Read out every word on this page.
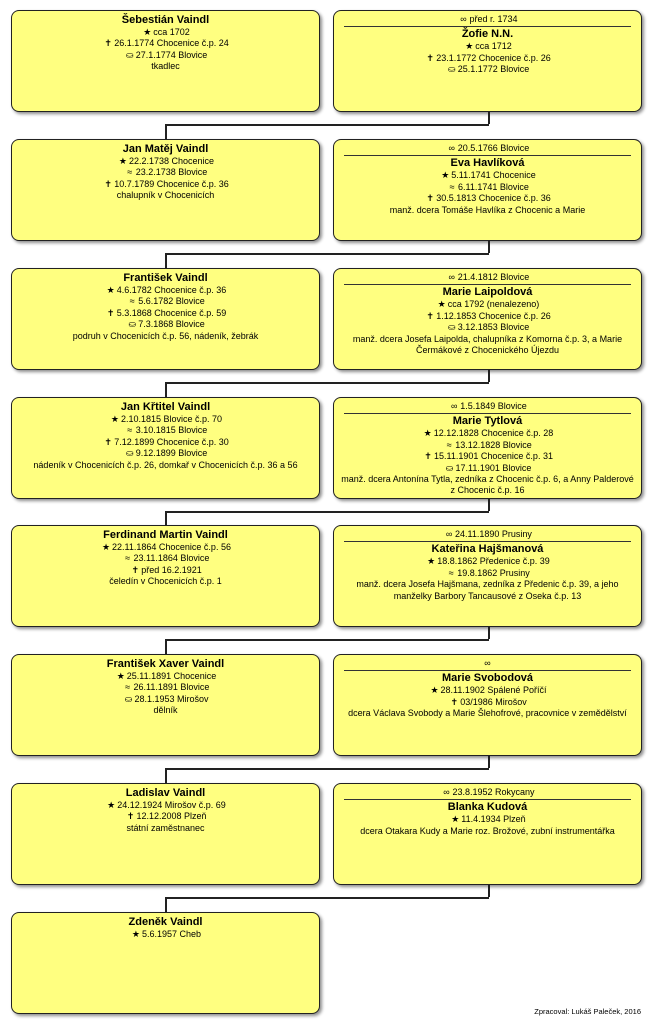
Šebestián Vaindl
★ cca 1702
✝ 26.1.1774 Chocenice č.p. 24
⛀ 27.1.1774 Blovice
tkadlec
∞ před r. 1734
Žofie N.N.
★ cca 1712
✝ 23.1.1772 Chocenice č.p. 26
⛀ 25.1.1772 Blovice
Jan Matěj Vaindl
★ 22.2.1738 Chocenice
≈ 23.2.1738 Blovice
✝ 10.7.1789 Chocenice č.p. 36
chalupník v Chocenicích
∞ 20.5.1766 Blovice
Eva Havlíková
★ 5.11.1741 Chocenice
≈ 6.11.1741 Blovice
✝ 30.5.1813 Chocenice č.p. 36
manž. dcera Tomáše Havlíka z Chocenic a Marie
František Vaindl
★ 4.6.1782 Chocenice č.p. 36
≈ 5.6.1782 Blovice
✝ 5.3.1868 Chocenice č.p. 59
⛀ 7.3.1868 Blovice
podruh v Chocenicích č.p. 56, nádeník, žebrák
∞ 21.4.1812 Blovice
Marie Laipoldová
★ cca 1792 (nenalezeno)
✝ 1.12.1853 Chocenice č.p. 26
⛀ 3.12.1853 Blovice
manž. dcera Josefa Laipolda, chalupníka z Komorna č.p. 3, a Marie Čermákové z Chocenického Újezdu
Jan Křtitel Vaindl
★ 2.10.1815 Blovice č.p. 70
≈ 3.10.1815 Blovice
✝ 7.12.1899 Chocenice č.p. 30
⛀ 9.12.1899 Blovice
nádeník v Chocenicích č.p. 26, domkař v Chocenicích č.p. 36 a 56
∞ 1.5.1849 Blovice
Marie Tytlová
★ 12.12.1828 Chocenice č.p. 28
≈ 13.12.1828 Blovice
✝ 15.11.1901 Chocenice č.p. 31
⛀ 17.11.1901 Blovice
manž. dcera Antonína Tytla, zedníka z Chocenic č.p. 6, a Anny Palderové z Chocenic č.p. 16
Ferdinand Martin Vaindl
★ 22.11.1864 Chocenice č.p. 56
≈ 23.11.1864 Blovice
✝ před 16.2.1921
čeledín v Chocenicích č.p. 1
∞ 24.11.1890 Prusiny
Kateřina Hajšmanová
★ 18.8.1862 Předenice č.p. 39
≈ 19.8.1862 Prusiny
manž. dcera Josefa Hajšmana, zedníka z Předenic č.p. 39, a jeho manželky Barbory Tancausové z Oseka č.p. 13
František Xaver Vaindl
★ 25.11.1891 Chocenice
≈ 26.11.1891 Blovice
⛀ 28.1.1953 Mirošov
dělník
∞
Marie Svobodová
★ 28.11.1902 Spálené Poříčí
✝ 03/1986 Mirošov
dcera Václava Svobody a Marie Šlehofrové, pracovnice v zemědělství
Ladislav Vaindl
★ 24.12.1924 Mirošov č.p. 69
✝ 12.12.2008 Plzeň
státní zaměstnanec
∞ 23.8.1952 Rokycany
Blanka Kudová
★ 11.4.1934 Plzeň
dcera Otakara Kudy a Marie roz. Brožové, zubní instrumentářka
Zdeněk Vaindl
★ 5.6.1957 Cheb
Zpracoval: Lukáš Paleček, 2016
